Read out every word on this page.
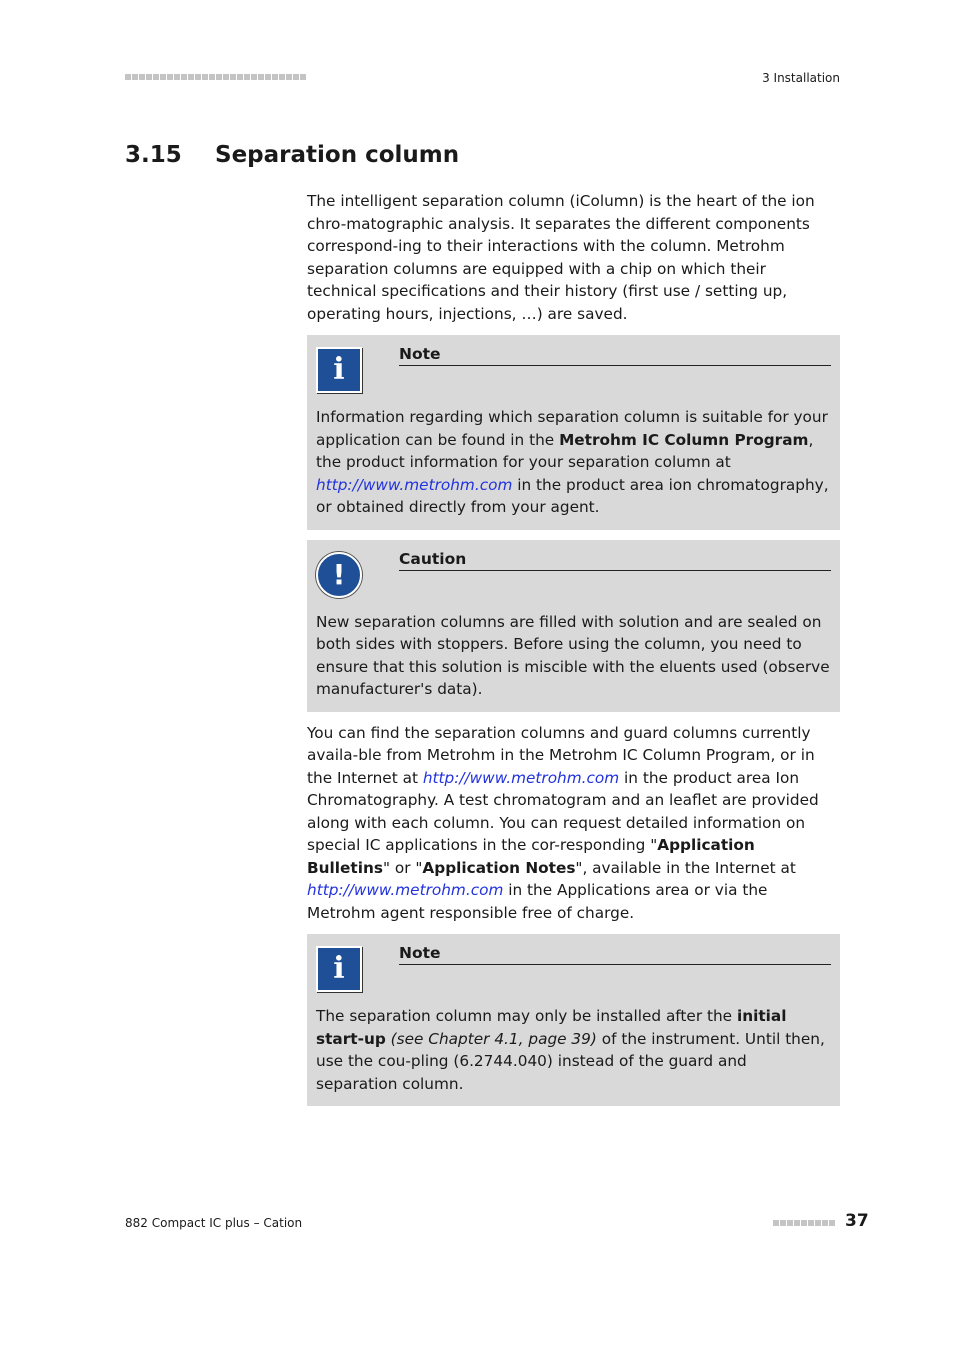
3 Installation
3.15 Separation column

The intelligent separation column (iColumn) is the heart of the ion chro-matographic analysis. It separates the different components correspond-ing to their interactions with the column. Metrohm separation columns are equipped with a chip on which their technical specifications and their history (first use / setting up, operating hours, injections, …) are saved.

i	Note

Information regarding which separation column is suitable for your application can be found in the Metrohm IC Column Program, the product information for your separation column at http://www.metrohm.com in the product area ion chromatography, or obtained directly from your agent.

!	Caution

New separation columns are filled with solution and are sealed on both sides with stoppers. Before using the column, you need to ensure that this solution is miscible with the eluents used (observe manufacturer's data).

You can find the separation columns and guard columns currently availa-ble from Metrohm in the Metrohm IC Column Program, or in the Internet at http://www.metrohm.com in the product area Ion Chromatography. A test chromatogram and an leaflet are provided along with each column. You can request detailed information on special IC applications in the cor-responding "Application Bulletins" or "Application Notes", available in the Internet at http://www.metrohm.com in the Applications area or via the Metrohm agent responsible free of charge.

i	Note

The separation column may only be installed after the initial start-up (see Chapter 4.1, page 39) of the instrument. Until then, use the cou-pling (6.2744.040) instead of the guard and separation column.

882 Compact IC plus – Cation	37
